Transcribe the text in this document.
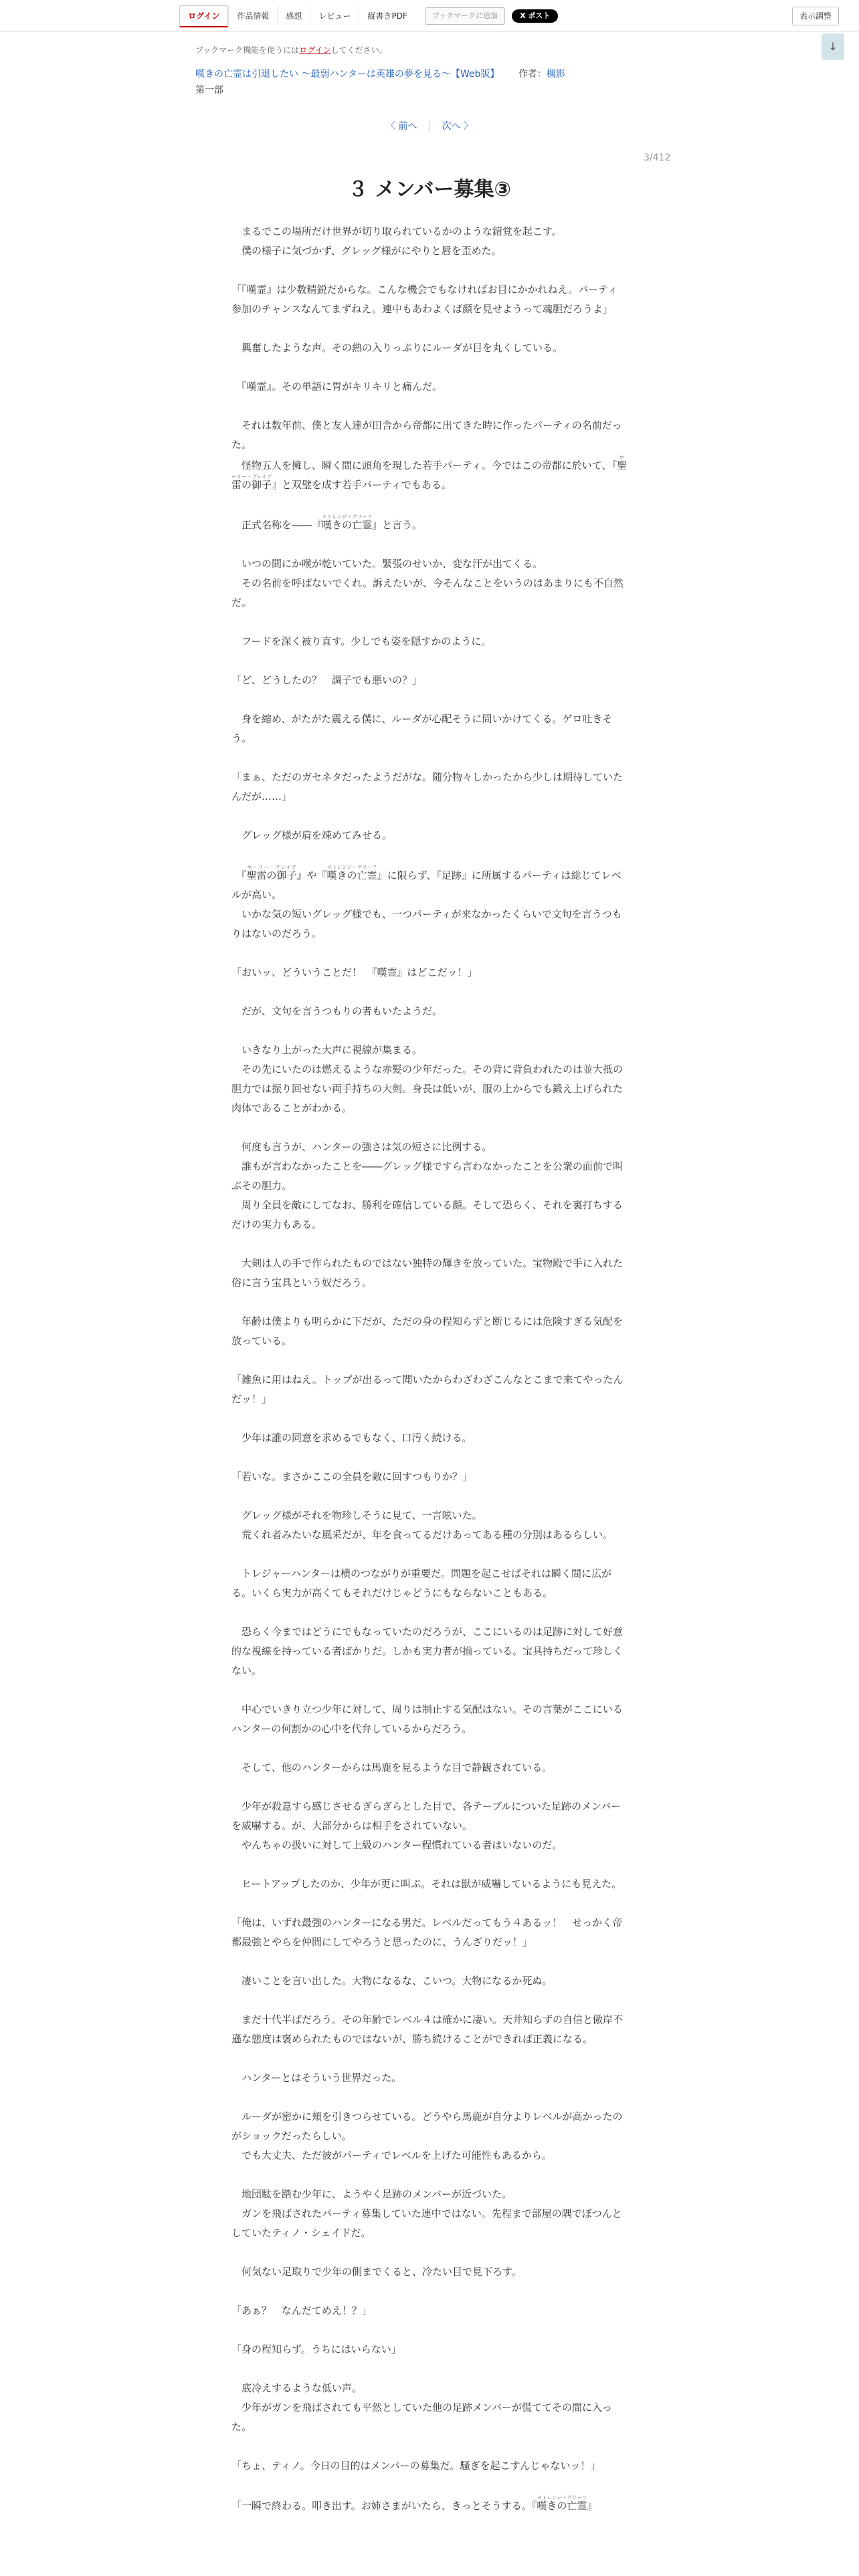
ログイン	作品情報	感想	レビュー	縦書きPDF	ブックマークに追加	X ポスト	表示調整
↓
ブックマーク機能を使うにはログインしてください。
嘆きの亡霊は引退したい 〜最弱ハンターは英雄の夢を見る〜【Web版】 作者：槻影
第一部
〈 前へ	次へ 〉
3/412
３ メンバー募集③

　まるでこの場所だけ世界が切り取られているかのような錯覚を起こす。

　僕の様子に気づかず、グレッグ様がにやりと唇を歪めた。

「『嘆霊』は少数精鋭だからな。こんな機会でもなければお目にかかれねえ。パーティ参加のチャンスなんてまずねえ。連中もあわよくば顔を見せようって魂胆だろうよ」

　興奮したような声。その熱の入りっぷりにルーダが目を丸くしている。

　『嘆霊』。その単語に胃がキリキリと痛んだ。

　それは数年前、僕と友人達が田舎から帝都に出てきた時に作ったパーティの名前だった。

　怪物五人を擁し、瞬く間に頭角を現した若手パーティ。今ではこの帝都に於いて、『聖雷の御子ホーリー・ブレイブ』と双璧を成す若手パーティでもある。

　正式名称を――『嘆きの亡霊ストレンジ・グリーフ』と言う。

　いつの間にか喉が乾いていた。緊張のせいか、変な汗が出てくる。

　その名前を呼ばないでくれ。訴えたいが、今そんなことをいうのはあまりにも不自然だ。

　フードを深く被り直す。少しでも姿を隠すかのように。

「ど、どうしたの？　調子でも悪いの？」

　身を縮め、がたがた震える僕に、ルーダが心配そうに問いかけてくる。ゲロ吐きそう。

「まぁ、ただのガセネタだったようだがな。随分物々しかったから少しは期待していたんだが……」

　グレッグ様が肩を竦めてみせる。

　『聖雷の御子ホーリー・ブレイブ』や『嘆きの亡霊ストレンジ・グリーフ』に限らず、『足跡』に所属するパーティは総じてレベルが高い。

　いかな気の短いグレッグ様でも、一つパーティが来なかったくらいで文句を言うつもりはないのだろう。

「おいッ、どういうことだ！　『嘆霊』はどこだッ！」

　だが、文句を言うつもりの者もいたようだ。

　いきなり上がった大声に視線が集まる。

　その先にいたのは燃えるような赤髪の少年だった。その背に背負われたのは並大抵の胆力では振り回せない両手持ちの大剣。身長は低いが、服の上からでも鍛え上げられた肉体であることがわかる。

　何度も言うが、ハンターの強さは気の短さに比例する。

　誰もが言わなかったことを――グレッグ様ですら言わなかったことを公衆の面前で叫ぶその胆力。

　周り全員を敵にしてなお、勝利を確信している顔。そして恐らく、それを裏打ちするだけの実力もある。

　大剣は人の手で作られたものではない独特の輝きを放っていた。宝物殿で手に入れた俗に言う宝具という奴だろう。

　年齢は僕よりも明らかに下だが、ただの身の程知らずと断じるには危険すぎる気配を放っている。

「雑魚に用はねえ。トップが出るって聞いたからわざわざこんなとこまで来てやったんだッ！」

　少年は誰の同意を求めるでもなく、口汚く続ける。

「若いな。まさかここの全員を敵に回すつもりか？」

　グレッグ様がそれを物珍しそうに見て、一言呟いた。

　荒くれ者みたいな風采だが、年を食ってるだけあってある種の分別はあるらしい。

　トレジャーハンターは横のつながりが重要だ。問題を起こせばそれは瞬く間に広がる。いくら実力が高くてもそれだけじゃどうにもならないこともある。

　恐らく今まではどうにでもなっていたのだろうが、ここにいるのは足跡に対して好意的な視線を持っている者ばかりだ。しかも実力者が揃っている。宝具持ちだって珍しくない。

　中心でいきり立つ少年に対して、周りは制止する気配はない。その言葉がここにいるハンターの何割かの心中を代弁しているからだろう。

　そして、他のハンターからは馬鹿を見るような目で静観されている。

　少年が殺意すら感じさせるぎらぎらとした目で、各テーブルについた足跡のメンバーを威嚇する。が、大部分からは相手をされていない。

　やんちゃの扱いに対して上級のハンター程慣れている者はいないのだ。

　ヒートアップしたのか、少年が更に叫ぶ。それは獣が威嚇しているようにも見えた。

「俺は、いずれ最強のハンターになる男だ。レベルだってもう４あるッ！　せっかく帝都最強とやらを仲間にしてやろうと思ったのに、うんざりだッ！」

　凄いことを言い出した。大物になるな、こいつ。大物になるか死ぬ。

　まだ十代半ばだろう。その年齢でレベル４は確かに凄い。天井知らずの自信と傲岸不遜な態度は褒められたものではないが、勝ち続けることができれば正義になる。

　ハンターとはそういう世界だった。

　ルーダが密かに頬を引きつらせている。どうやら馬鹿が自分よりレベルが高かったのがショックだったらしい。

　でも大丈夫、ただ彼がパーティでレベルを上げた可能性もあるから。

　地団駄を踏む少年に、ようやく足跡のメンバーが近づいた。

　ガンを飛ばされたパーティ募集していた連中ではない。先程まで部屋の隅でぼつんとしていたティノ・シェイドだ。

　何気ない足取りで少年の側までくると、冷たい目で見下ろす。

「あぁ？　なんだてめえ！？」

「身の程知らず。うちにはいらない」

　底冷えするような低い声。

　少年がガンを飛ばされても平然としていた他の足跡メンバーが慌ててその間に入った。

「ちょ、ティノ。今日の目的はメンバーの募集だ。騒ぎを起こすんじゃないッ！」

「一瞬で終わる。叩き出す。お姉さまがいたら、きっとそうする。『嘆きの亡霊ストレンジ・グリーフ』
